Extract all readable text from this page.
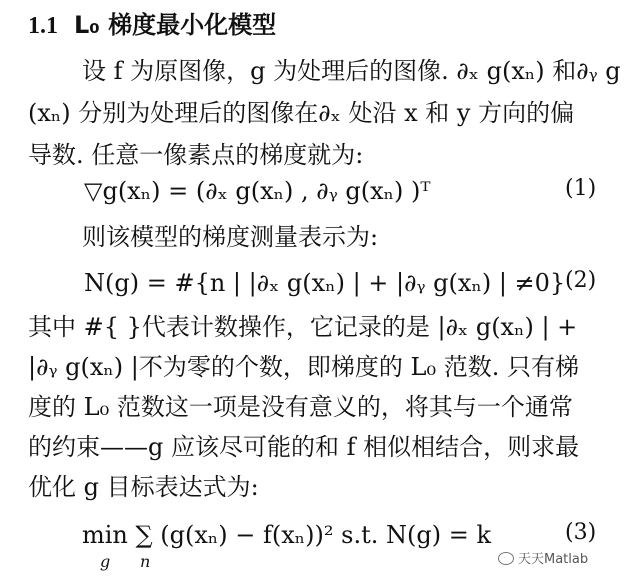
1.1 L₀ 梯度最小化模型
设 f 为原图像，g 为处理后的图像. ∂ₓ g(xₙ) 和∂ᵧ g
(xₙ) 分别为处理后的图像在∂ₓ 处沿 x 和 y 方向的偏
导数. 任意一像素点的梯度就为:
▽g(xₙ) = (∂ₓ g(xₙ) , ∂ᵧ g(xₙ) )ᵀ	(1)
则该模型的梯度测量表示为:
N(g) = #{n | |∂ₓ g(xₙ) | + |∂ᵧ g(xₙ) | ≠0} (2)
其中 #{ }代表计数操作，它记录的是 |∂ₓ g(xₙ) | +
|∂ᵧ g(xₙ) |不为零的个数，即梯度的 L₀ 范数. 只有梯
度的 L₀ 范数这一项是没有意义的，将其与一个通常
的约束——g 应该尽可能的和 f 相似相结合，则求最
优化 g 目标表达式为:
min ∑ (g(xₙ) − f(xₙ))² s.t. N(g) = k
g n
(3)
天天Matlab
